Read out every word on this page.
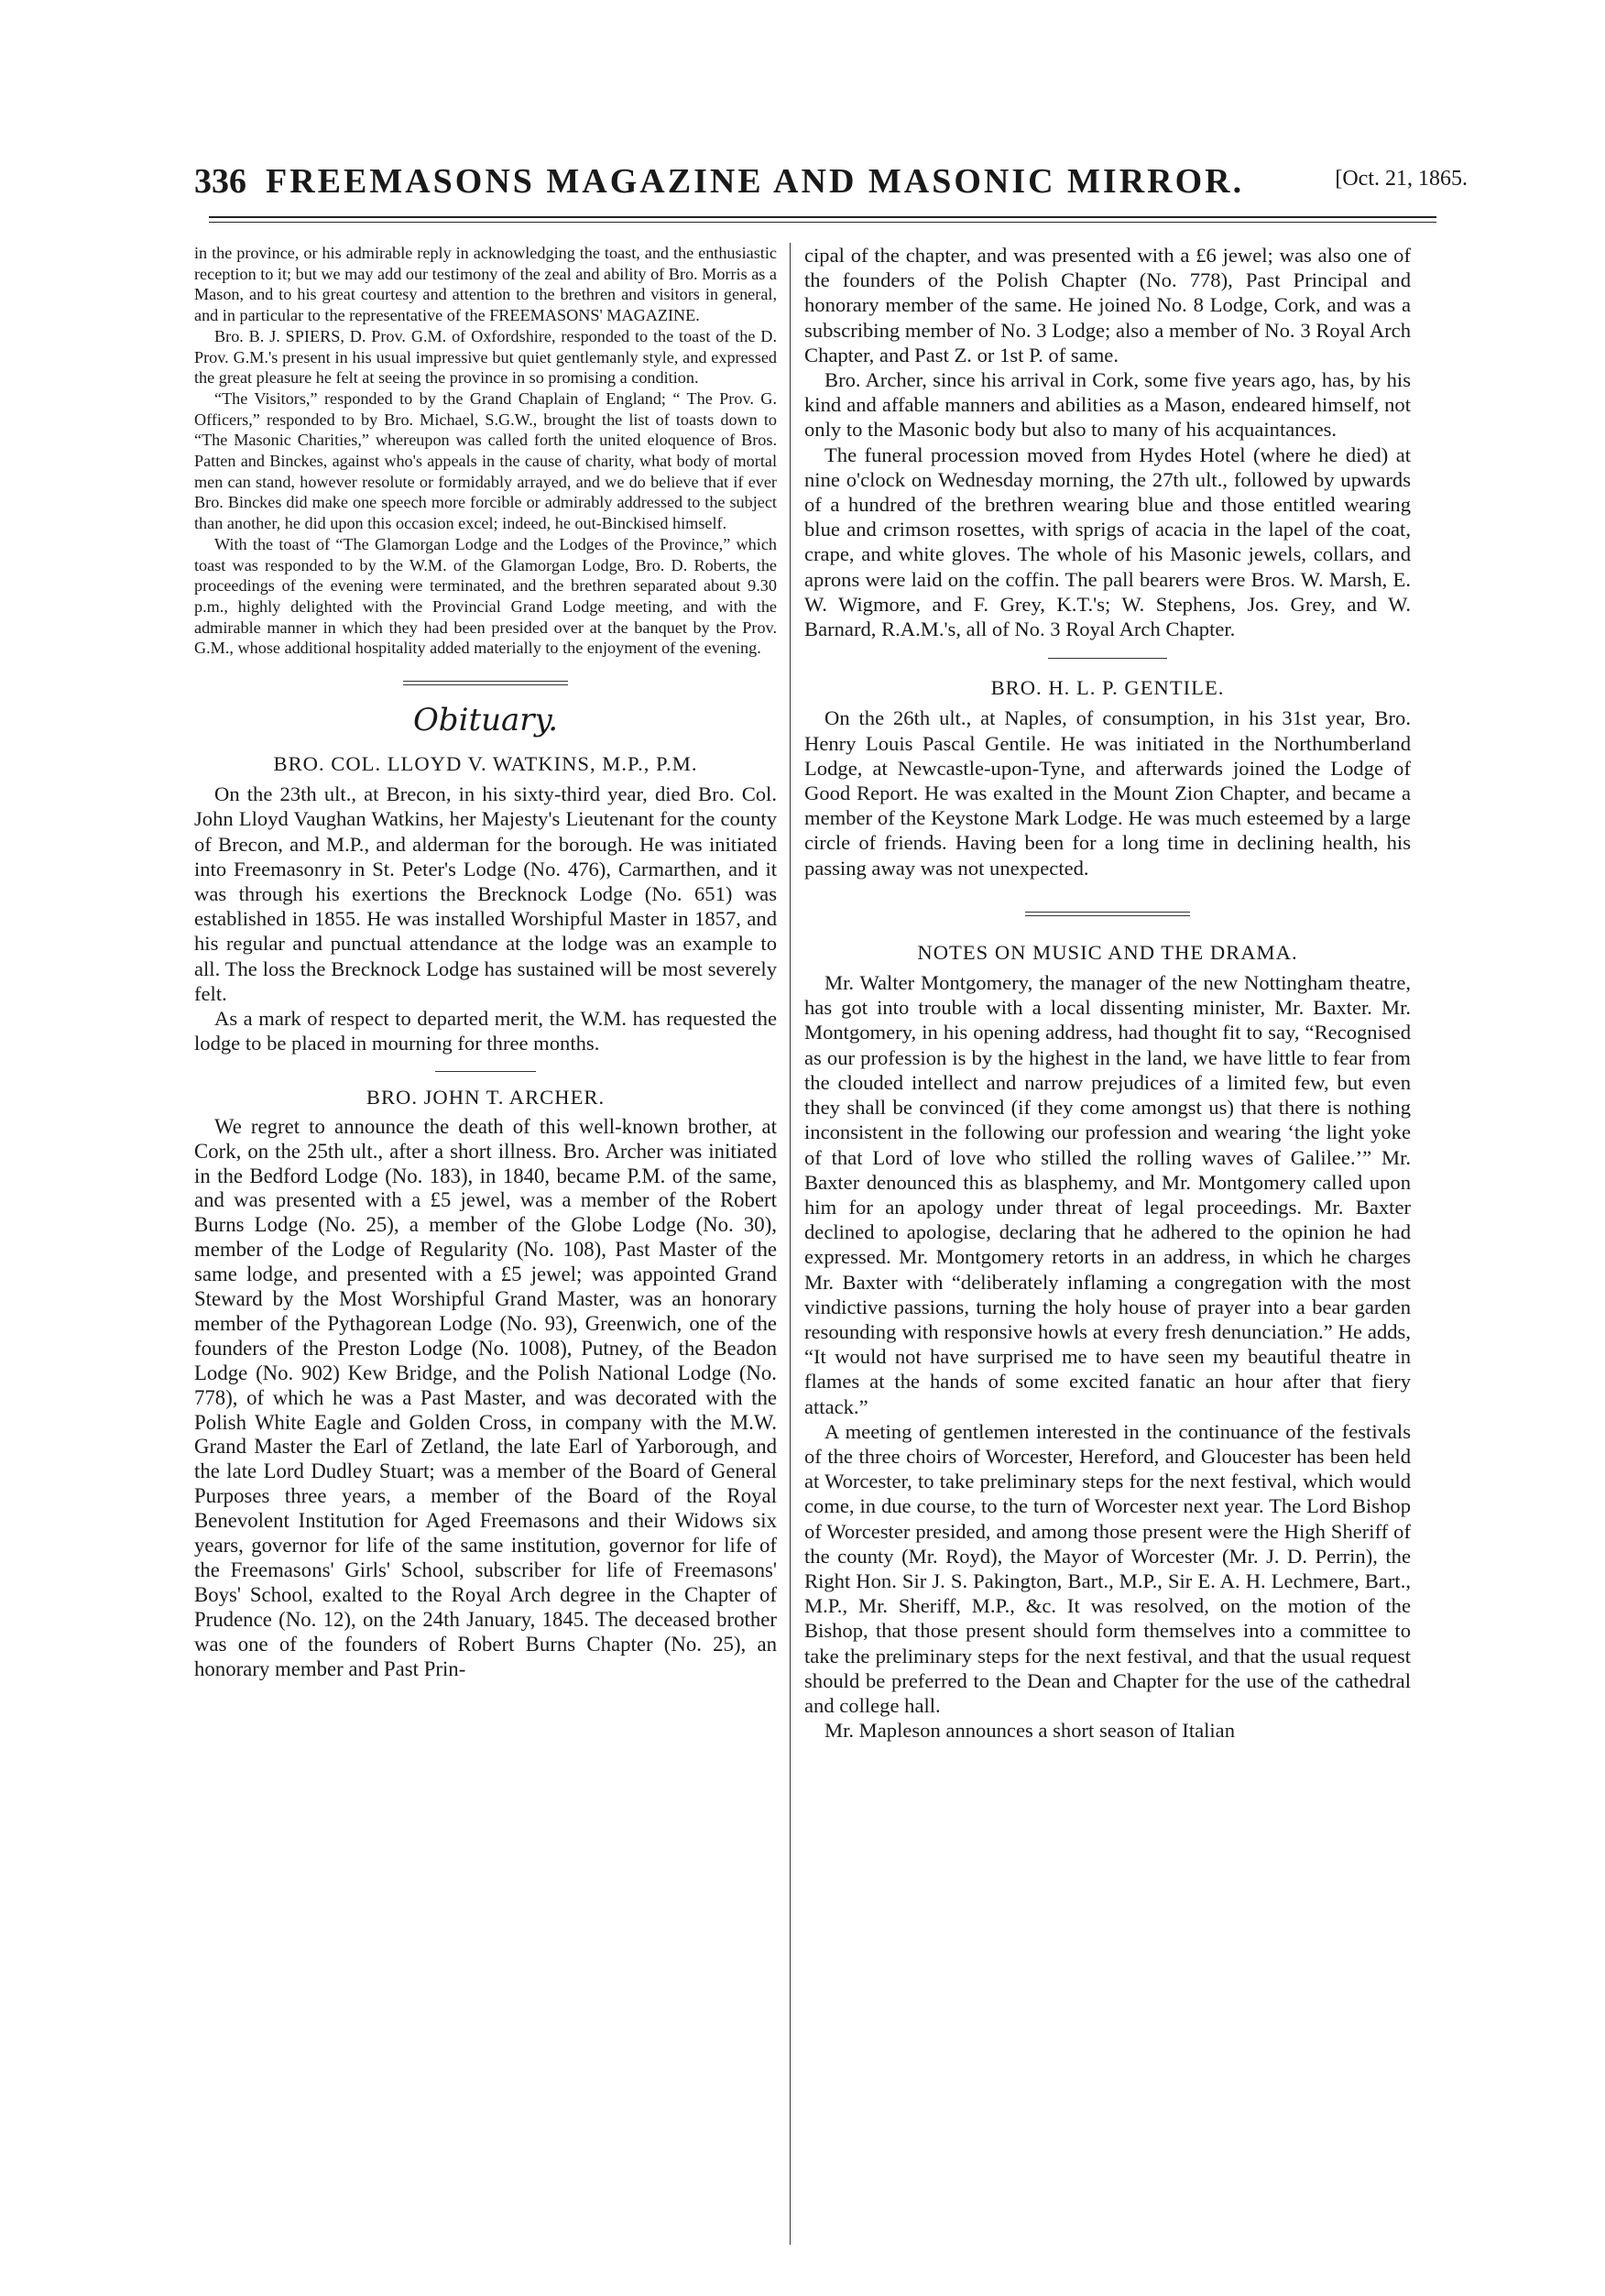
336 FREEMASONS MAGAZINE AND MASONIC MIRROR.	[Oct. 21, 1865.

in the province, or his admirable reply in acknowledging the toast, and the enthusiastic reception to it; but we may add our testimony of the zeal and ability of Bro. Morris as a Mason, and to his great courtesy and attention to the brethren and visitors in general, and in particular to the representative of the FREEMASONS' MAGAZINE.

Bro. B. J. SPIERS, D. Prov. G.M. of Oxfordshire, responded to the toast of the D. Prov. G.M.'s present in his usual impressive but quiet gentlemanly style, and expressed the great pleasure he felt at seeing the province in so promising a condition.

“The Visitors,” responded to by the Grand Chaplain of England; “ The Prov. G. Officers,” responded to by Bro. Michael, S.G.W., brought the list of toasts down to “The Masonic Charities,” whereupon was called forth the united eloquence of Bros. Patten and Binckes, against who's appeals in the cause of charity, what body of mortal men can stand, however resolute or formidably arrayed, and we do believe that if ever Bro. Binckes did make one speech more forcible or admirably addressed to the subject than another, he did upon this occasion excel; indeed, he out-Binckised himself.

With the toast of “The Glamorgan Lodge and the Lodges of the Province,” which toast was responded to by the W.M. of the Glamorgan Lodge, Bro. D. Roberts, the proceedings of the evening were terminated, and the brethren separated about 9.30 p.m., highly delighted with the Provincial Grand Lodge meeting, and with the admirable manner in which they had been presided over at the banquet by the Prov. G.M., whose additional hospitality added materially to the enjoyment of the evening.

Obituary.

BRO. COL. LLOYD V. WATKINS, M.P., P.M.

On the 23th ult., at Brecon, in his sixty-third year, died Bro. Col. John Lloyd Vaughan Watkins, her Majesty's Lieutenant for the county of Brecon, and M.P., and alderman for the borough. He was initiated into Freemasonry in St. Peter's Lodge (No. 476), Carmarthen, and it was through his exertions the Brecknock Lodge (No. 651) was established in 1855. He was installed Worshipful Master in 1857, and his regular and punctual attendance at the lodge was an example to all. The loss the Brecknock Lodge has sustained will be most severely felt.

As a mark of respect to departed merit, the W.M. has requested the lodge to be placed in mourning for three months.

BRO. JOHN T. ARCHER.

We regret to announce the death of this well-known brother, at Cork, on the 25th ult., after a short illness. Bro. Archer was initiated in the Bedford Lodge (No. 183), in 1840, became P.M. of the same, and was presented with a £5 jewel, was a member of the Robert Burns Lodge (No. 25), a member of the Globe Lodge (No. 30), member of the Lodge of Regularity (No. 108), Past Master of the same lodge, and presented with a £5 jewel; was appointed Grand Steward by the Most Worshipful Grand Master, was an honorary member of the Pythagorean Lodge (No. 93), Greenwich, one of the founders of the Preston Lodge (No. 1008), Putney, of the Beadon Lodge (No. 902) Kew Bridge, and the Polish National Lodge (No. 778), of which he was a Past Master, and was decorated with the Polish White Eagle and Golden Cross, in company with the M.W. Grand Master the Earl of Zetland, the late Earl of Yarborough, and the late Lord Dudley Stuart; was a member of the Board of General Purposes three years, a member of the Board of the Royal Benevolent Institution for Aged Freemasons and their Widows six years, governor for life of the same institution, governor for life of the Freemasons' Girls' School, subscriber for life of Freemasons' Boys' School, exalted to the Royal Arch degree in the Chapter of Prudence (No. 12), on the 24th January, 1845. The deceased brother was one of the founders of Robert Burns Chapter (No. 25), an honorary member and Past Prin-

cipal of the chapter, and was presented with a £6 jewel; was also one of the founders of the Polish Chapter (No. 778), Past Principal and honorary member of the same. He joined No. 8 Lodge, Cork, and was a subscribing member of No. 3 Lodge; also a member of No. 3 Royal Arch Chapter, and Past Z. or 1st P. of same.

Bro. Archer, since his arrival in Cork, some five years ago, has, by his kind and affable manners and abilities as a Mason, endeared himself, not only to the Masonic body but also to many of his acquaintances.

The funeral procession moved from Hydes Hotel (where he died) at nine o'clock on Wednesday morning, the 27th ult., followed by upwards of a hundred of the brethren wearing blue and those entitled wearing blue and crimson rosettes, with sprigs of acacia in the lapel of the coat, crape, and white gloves. The whole of his Masonic jewels, collars, and aprons were laid on the coffin. The pall bearers were Bros. W. Marsh, E. W. Wigmore, and F. Grey, K.T.'s; W. Stephens, Jos. Grey, and W. Barnard, R.A.M.'s, all of No. 3 Royal Arch Chapter.

BRO. H. L. P. GENTILE.

On the 26th ult., at Naples, of consumption, in his 31st year, Bro. Henry Louis Pascal Gentile. He was initiated in the Northumberland Lodge, at Newcastle-upon-Tyne, and afterwards joined the Lodge of Good Report. He was exalted in the Mount Zion Chapter, and became a member of the Keystone Mark Lodge. He was much esteemed by a large circle of friends. Having been for a long time in declining health, his passing away was not unexpected.

NOTES ON MUSIC AND THE DRAMA.

Mr. Walter Montgomery, the manager of the new Nottingham theatre, has got into trouble with a local dissenting minister, Mr. Baxter. Mr. Montgomery, in his opening address, had thought fit to say, “Recognised as our profession is by the highest in the land, we have little to fear from the clouded intellect and narrow prejudices of a limited few, but even they shall be convinced (if they come amongst us) that there is nothing inconsistent in the following our profession and wearing ‘the light yoke of that Lord of love who stilled the rolling waves of Galilee.’” Mr. Baxter denounced this as blasphemy, and Mr. Montgomery called upon him for an apology under threat of legal proceedings. Mr. Baxter declined to apologise, declaring that he adhered to the opinion he had expressed. Mr. Montgomery retorts in an address, in which he charges Mr. Baxter with “deliberately inflaming a congregation with the most vindictive passions, turning the holy house of prayer into a bear garden resounding with responsive howls at every fresh denunciation.” He adds, “It would not have surprised me to have seen my beautiful theatre in flames at the hands of some excited fanatic an hour after that fiery attack.”

A meeting of gentlemen interested in the continuance of the festivals of the three choirs of Worcester, Hereford, and Gloucester has been held at Worcester, to take preliminary steps for the next festival, which would come, in due course, to the turn of Worcester next year. The Lord Bishop of Worcester presided, and among those present were the High Sheriff of the county (Mr. Royd), the Mayor of Worcester (Mr. J. D. Perrin), the Right Hon. Sir J. S. Pakington, Bart., M.P., Sir E. A. H. Lechmere, Bart., M.P., Mr. Sheriff, M.P., &c. It was resolved, on the motion of the Bishop, that those present should form themselves into a committee to take the preliminary steps for the next festival, and that the usual request should be preferred to the Dean and Chapter for the use of the cathedral and college hall.

Mr. Mapleson announces a short season of Italian
